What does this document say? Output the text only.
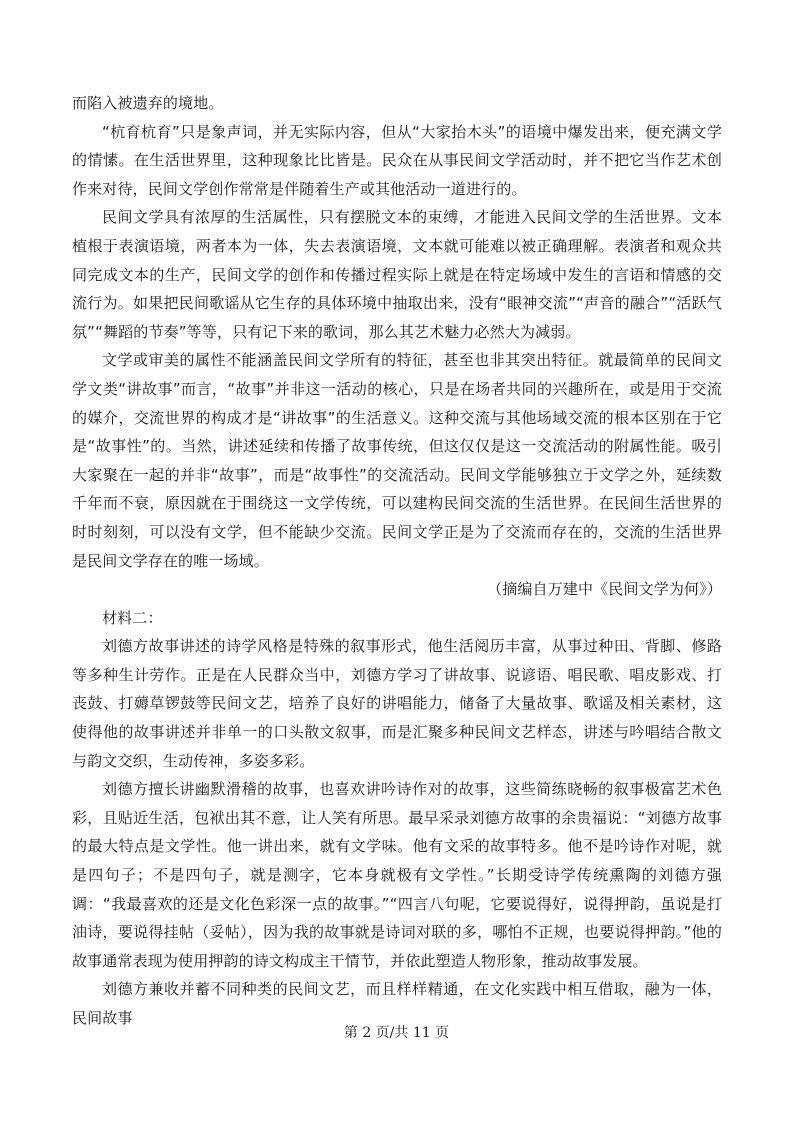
而陷入被遗弃的境地。

“杭育杭育”只是象声词，并无实际内容，但从“大家抬木头”的语境中爆发出来，便充满文学的情愫。在生活世界里，这种现象比比皆是。民众在从事民间文学活动时，并不把它当作艺术创作来对待，民间文学创作常常是伴随着生产或其他活动一道进行的。

民间文学具有浓厚的生活属性，只有摆脱文本的束缚，才能进入民间文学的生活世界。文本植根于表演语境，两者本为一体，失去表演语境，文本就可能难以被正确理解。表演者和观众共同完成文本的生产，民间文学的创作和传播过程实际上就是在特定场域中发生的言语和情感的交流行为。如果把民间歌谣从它生存的具体环境中抽取出来，没有“眼神交流”“声音的融合”“活跃气氛”“舞蹈的节奏”等等，只有记下来的歌词，那么其艺术魅力必然大为减弱。

文学或审美的属性不能涵盖民间文学所有的特征，甚至也非其突出特征。就最简单的民间文学文类“讲故事”而言，“故事”并非这一活动的核心，只是在场者共同的兴趣所在，或是用于交流的媒介，交流世界的构成才是“讲故事”的生活意义。这种交流与其他场域交流的根本区别在于它是“故事性”的。当然，讲述延续和传播了故事传统，但这仅仅是这一交流活动的附属性能。吸引大家聚在一起的并非“故事”，而是“故事性”的交流活动。民间文学能够独立于文学之外，延续数千年而不衰，原因就在于围绕这一文学传统，可以建构民间交流的生活世界。在民间生活世界的时时刻刻，可以没有文学，但不能缺少交流。民间文学正是为了交流而存在的，交流的生活世界是民间文学存在的唯一场域。

（摘编自万建中《民间文学为何》）

材料二：

刘德方故事讲述的诗学风格是特殊的叙事形式，他生活阅历丰富，从事过种田、背脚、修路等多种生计劳作。正是在人民群众当中，刘德方学习了讲故事、说谚语、唱民歌、唱皮影戏、打丧鼓、打薅草锣鼓等民间文艺，培养了良好的讲唱能力，储备了大量故事、歌谣及相关素材，这使得他的故事讲述并非单一的口头散文叙事，而是汇聚多种民间文艺样态，讲述与吟唱结合散文与韵文交织，生动传神，多姿多彩。

刘德方擅长讲幽默滑稽的故事，也喜欢讲吟诗作对的故事，这些简练晓畅的叙事极富艺术色彩，且贴近生活，包袱出其不意，让人笑有所思。最早采录刘德方故事的余贵福说：“刘德方故事的最大特点是文学性。他一讲出来，就有文学味。他有文采的故事特多。他不是吟诗作对呢，就是四句子；不是四句子，就是测字，它本身就极有文学性。”长期受诗学传统熏陶的刘德方强调：“我最喜欢的还是文化色彩深一点的故事。”“四言八句呢，它要说得好，说得押韵，虽说是打油诗，要说得挂帖（妥帖），因为我的故事就是诗词对联的多，哪怕不正规，也要说得押韵。”他的故事通常表现为使用押韵的诗文构成主干情节，并依此塑造人物形象，推动故事发展。

刘德方兼收并蓄不同种类的民间文艺，而且样样精通，在文化实践中相互借取，融为一体，民间故事

第 2 页/共 11 页
